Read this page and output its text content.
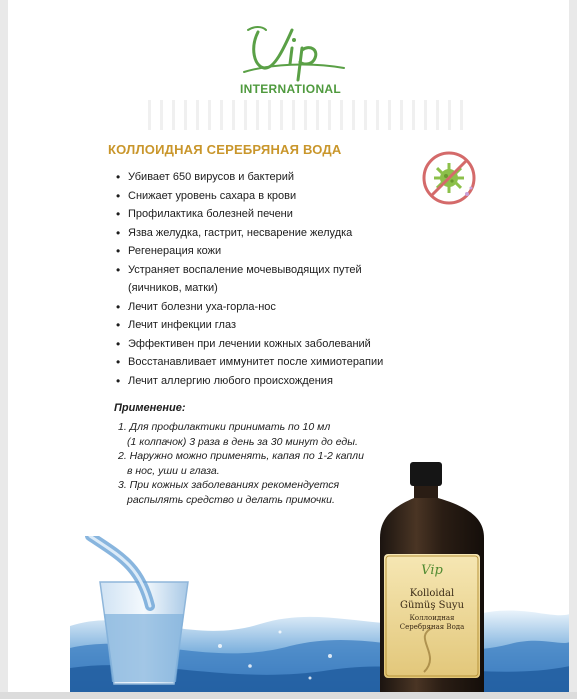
INTERNATIONAL
КОЛЛОИДНАЯ СЕРЕБРЯНАЯ ВОДА
• Убивает 650 вирусов и бактерий
• Снижает уровень сахара в крови
• Профилактика болезней печени
• Язва желудка, гастрит, несварение желудка
• Регенерация кожи
• Устраняет воспаление мочевыводящих путей
(яичников, матки)
• Лечит болезни уха-горла-нос
• Лечит инфекции глаз
• Эффективен при лечении кожных заболеваний
• Восстанавливает иммунитет после химиотерапии
• Лечит аллергию любого происхождения
Применение:
1. Для профилактики принимать по 10 мл
(1 колпачок) 3 раза в день за 30 минут до еды.
2. Наружно можно применять, капая по 1-2 капли
в нос, уши и глаза.
3. При кожных заболеваниях рекомендуется
распылять средство и делать примочки.
Vip
Kolloidal
Gümüş Suyu
Коллоидная
Серебряная Вода
